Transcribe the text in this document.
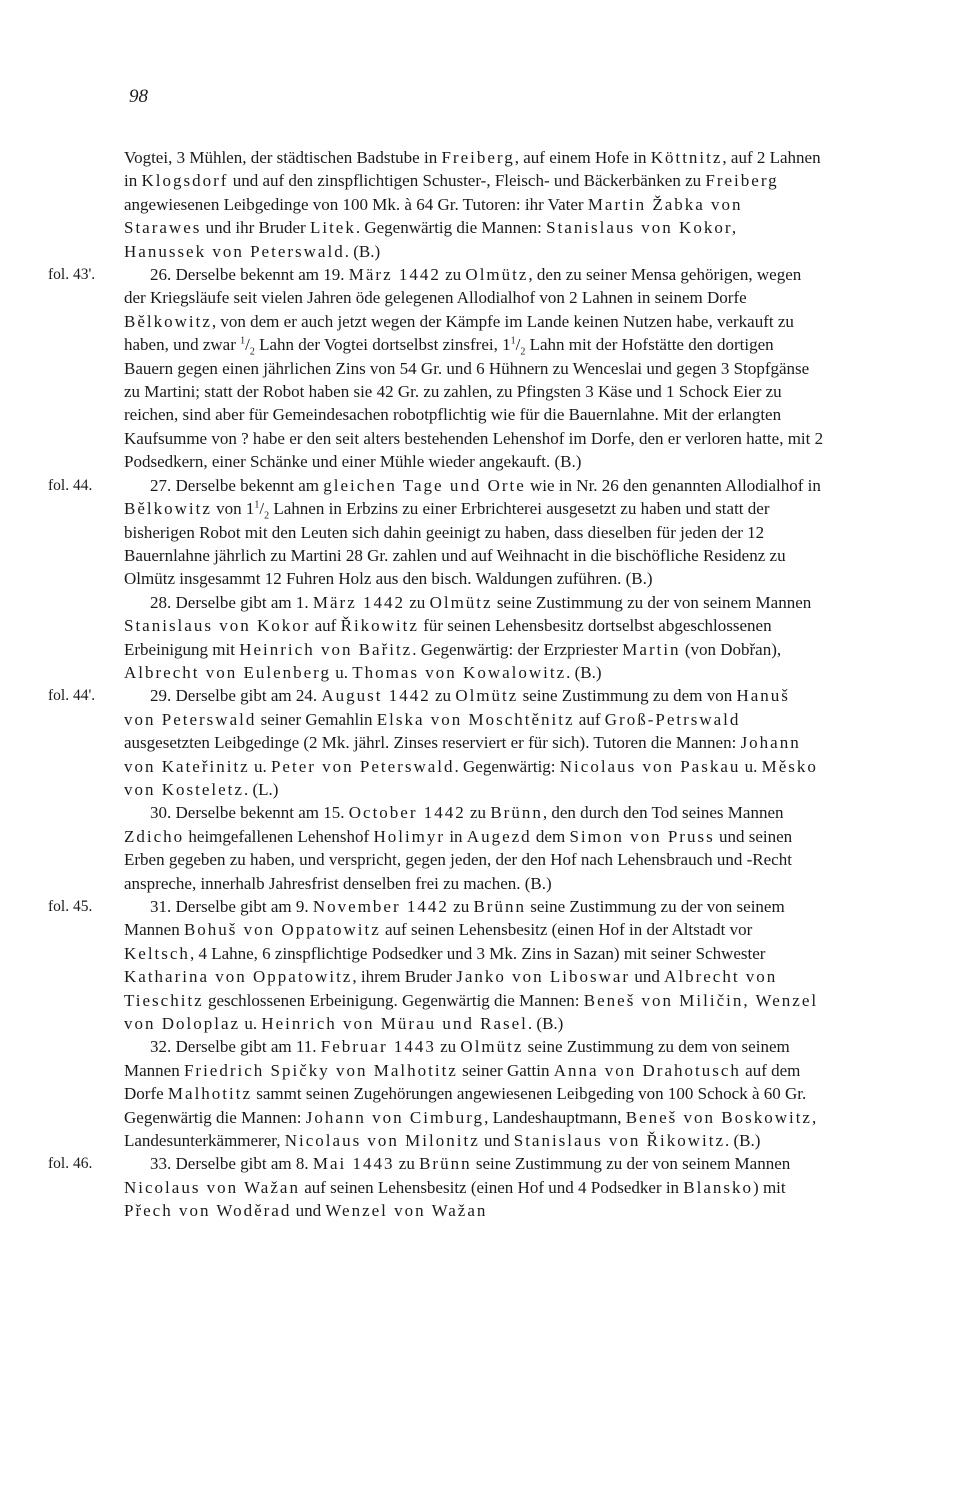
98

Vogtei, 3 Mühlen, der städtischen Badstube in Freiberg, auf einem Hofe in Köttnitz, auf 2 Lahnen in Klogsdorf und auf den zinspflichtigen Schuster-, Fleisch- und Bäckerbänken zu Freiberg angewiesenen Leibgedinge von 100 Mk. à 64 Gr. Tutoren: ihr Vater Martin Žabka von Starawes und ihr Bruder Litek. Gegenwärtig die Mannen: Stanislaus von Kokor, Hanussek von Peterswald. (B.)

fol. 43'.	26. Derselbe bekennt am 19. März 1442 zu Olmütz, den zu seiner Mensa gehörigen, wegen der Kriegsläufe seit vielen Jahren öde gelegenen Allodialhof von 2 Lahnen in seinem Dorfe Bělkowitz, von dem er auch jetzt wegen der Kämpfe im Lande keinen Nutzen habe, verkauft zu haben, und zwar $^1/_2$ Lahn der Vogtei dortselbst zinsfrei, $1^1/_2$ Lahn mit der Hofstätte den dortigen Bauern gegen einen jährlichen Zins von 54 Gr. und 6 Hühnern zu Wenceslai und gegen 3 Stopfgänse zu Martini; statt der Robot haben sie 42 Gr. zu zahlen, zu Pfingsten 3 Käse und 1 Schock Eier zu reichen, sind aber für Gemeindesachen robotpflichtig wie für die Bauernlahne. Mit der erlangten Kaufsumme von ? habe er den seit alters bestehenden Lehenshof im Dorfe, den er verloren hatte, mit 2 Podsedkern, einer Schänke und einer Mühle wieder angekauft. (B.)

fol. 44.	27. Derselbe bekennt am gleichen Tage und Orte wie in Nr. 26 den genannten Allodialhof in Bělkowitz von $1^1/_2$ Lahnen in Erbzins zu einer Erbrichterei ausgesetzt zu haben und statt der bisherigen Robot mit den Leuten sich dahin geeinigt zu haben, dass dieselben für jeden der 12 Bauernlahne jährlich zu Martini 28 Gr. zahlen und auf Weihnacht in die bischöfliche Residenz zu Olmütz insgesammt 12 Fuhren Holz aus den bisch. Waldungen zuführen. (B.)

28. Derselbe gibt am 1. März 1442 zu Olmütz seine Zustimmung zu der von seinem Mannen Stanislaus von Kokor auf Řikowitz für seinen Lehensbesitz dortselbst abgeschlossenen Erbeinigung mit Heinrich von Bařitz. Gegenwärtig: der Erzpriester Martin (von Dobřan), Albrecht von Eulenberg u. Thomas von Kowalowitz. (B.)

fol. 44'.	29. Derselbe gibt am 24. August 1442 zu Olmütz seine Zustimmung zu dem von Hanuš von Peterswald seiner Gemahlin Elska von Moschtěnitz auf Groß-Petrswald ausgesetzten Leibgedinge (2 Mk. jährl. Zinses reserviert er für sich). Tutoren die Mannen: Johann von Kateřinitz u. Peter von Peterswald. Gegenwärtig: Nicolaus von Paskau u. Měsko von Kosteletz. (L.)

30. Derselbe bekennt am 15. October 1442 zu Brünn, den durch den Tod seines Mannen Zdicho heimgefallenen Lehenshof Holimyr in Augezd dem Simon von Pruss und seinen Erben gegeben zu haben, und verspricht, gegen jeden, der den Hof nach Lehensbrauch und -Recht anspreche, innerhalb Jahresfrist denselben frei zu machen. (B.)

fol. 45.	31. Derselbe gibt am 9. November 1442 zu Brünn seine Zustimmung zu der von seinem Mannen Bohuš von Oppatowitz auf seinen Lehensbesitz (einen Hof in der Altstadt vor Keltsch, 4 Lahne, 6 zinspflichtige Podsedker und 3 Mk. Zins in Sazan) mit seiner Schwester Katharina von Oppatowitz, ihrem Bruder Janko von Liboswar und Albrecht von Tieschitz geschlossenen Erbeinigung. Gegenwärtig die Mannen: Beneš von Miličin, Wenzel von Doloplaz u. Heinrich von Mürau und Rasel. (B.)

32. Derselbe gibt am 11. Februar 1443 zu Olmütz seine Zustimmung zu dem von seinem Mannen Friedrich Spičky von Malhotitz seiner Gattin Anna von Drahotusch auf dem Dorfe Malhotitz sammt seinen Zugehörungen angewiesenen Leibgeding von 100 Schock à 60 Gr. Gegenwärtig die Mannen: Johann von Cimburg, Landeshauptmann, Beneš von Boskowitz, Landesunterkämmerer, Nicolaus von Milonitz und Stanislaus von Řikowitz. (B.)

fol. 46.	33. Derselbe gibt am 8. Mai 1443 zu Brünn seine Zustimmung zu der von seinem Mannen Nicolaus von Wažan auf seinen Lehensbesitz (einen Hof und 4 Podsedker in Blansko) mit Přech von Woděrad und Wenzel von Wažan
